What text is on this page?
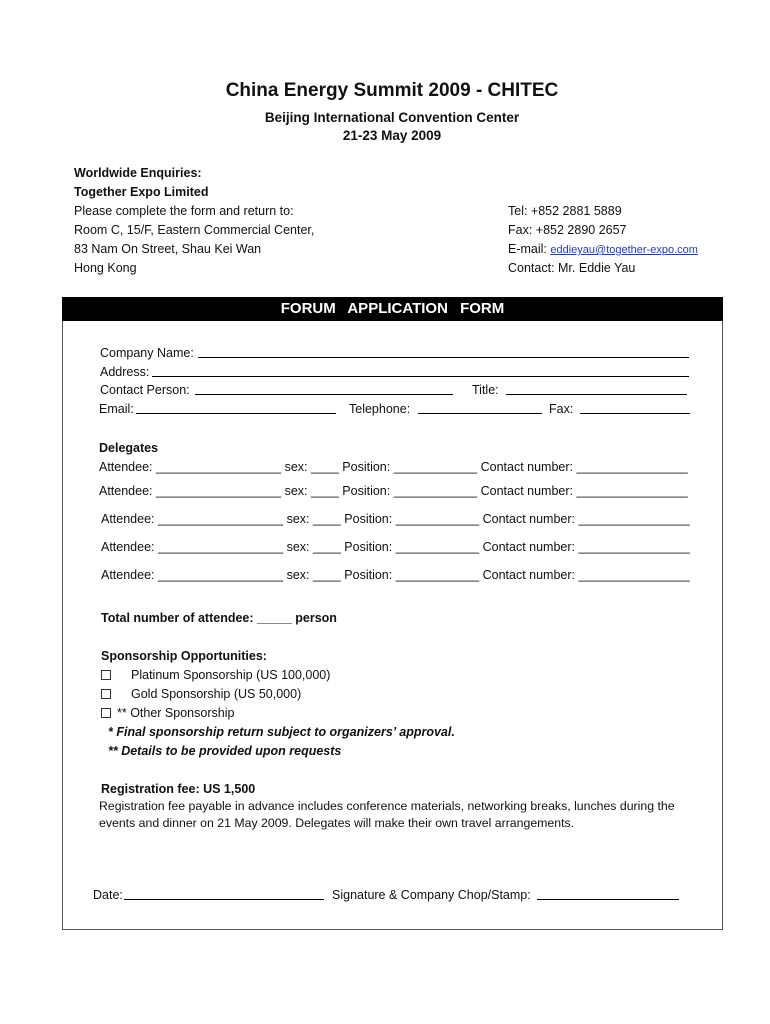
China Energy Summit 2009 - CHITEC
Beijing International Convention Center
21-23 May 2009
Worldwide Enquiries:
Together Expo Limited
Please complete the form and return to:
Room C, 15/F, Eastern Commercial Center,
83 Nam On Street, Shau Kei Wan
Hong Kong
Tel: +852 2881 5889
Fax: +852 2890 2657
E-mail: eddieyau@together-expo.com
Contact: Mr. Eddie Yau
FORUM APPLICATION FORM
Company Name:
Address:
Contact Person:	Title:
Email:	Telephone:	Fax:
Delegates
Attendee: __________________ sex: ____ Position: ____________ Contact number: ________________
Attendee: __________________ sex: ____ Position: ____________ Contact number: ________________
Attendee: __________________ sex: ____ Position: ____________ Contact number: ________________
Attendee: __________________ sex: ____ Position: ____________ Contact number: ________________
Attendee: __________________ sex: ____ Position: ____________ Contact number: ________________
Total number of attendee: _____ person
Sponsorship Opportunities:
Platinum Sponsorship (US 100,000)
Gold Sponsorship (US 50,000)
** Other Sponsorship
* Final sponsorship return subject to organizers’ approval.
** Details to be provided upon requests
Registration fee: US 1,500
Registration fee payable in advance includes conference materials, networking breaks, lunches during the
events and dinner on 21 May 2009. Delegates will make their own travel arrangements.
Date:	Signature & Company Chop/Stamp:
